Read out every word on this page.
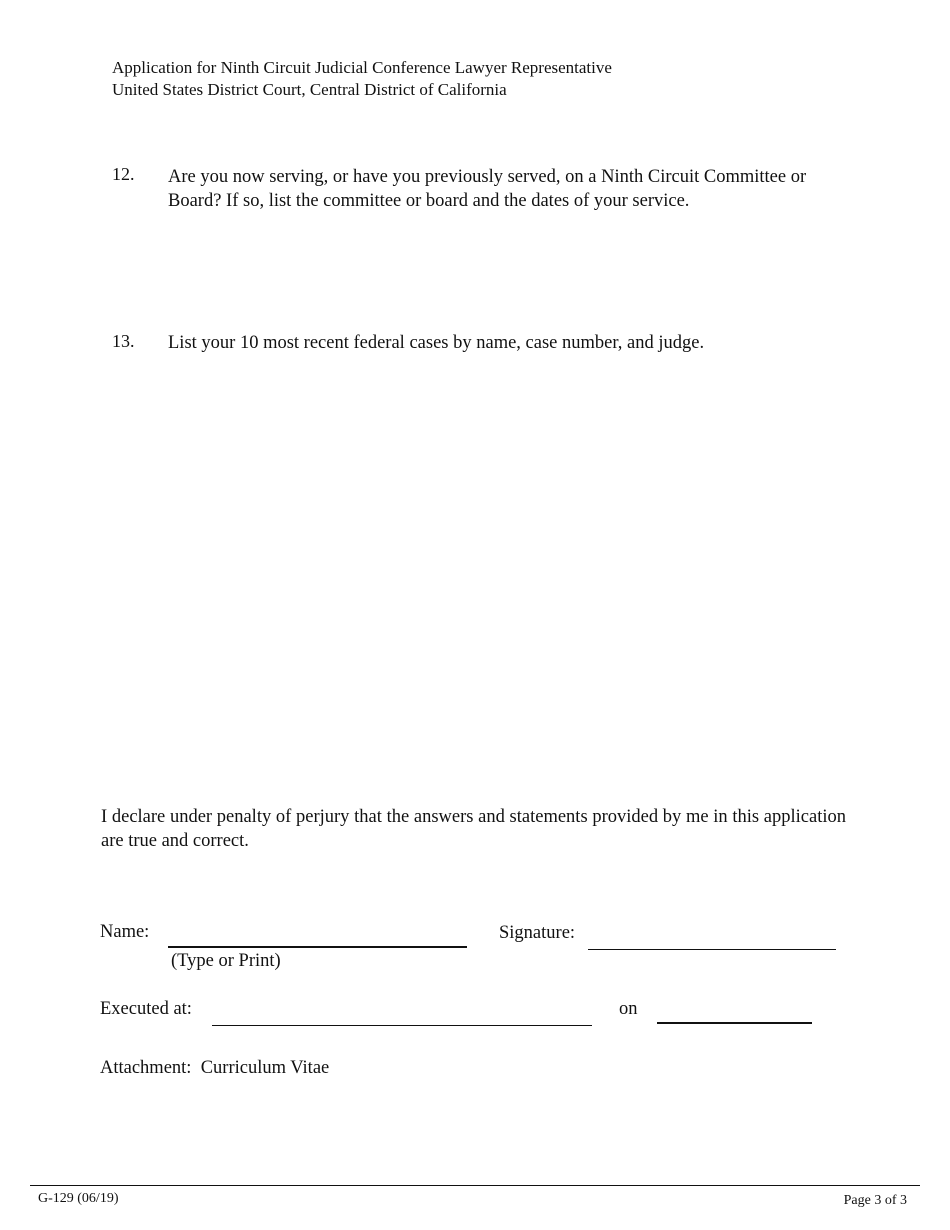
Application for Ninth Circuit Judicial Conference Lawyer Representative
United States District Court, Central District of California
12. Are you now serving, or have you previously served, on a Ninth Circuit Committee or Board? If so, list the committee or board and the dates of your service.
13. List your 10 most recent federal cases by name, case number, and judge.
I declare under penalty of perjury that the answers and statements provided by me in this application are true and correct.
Name:
(Type or Print)
Signature:
Executed at:	on
Attachment: Curriculum Vitae
G-129 (06/19)	Page 3 of 3
